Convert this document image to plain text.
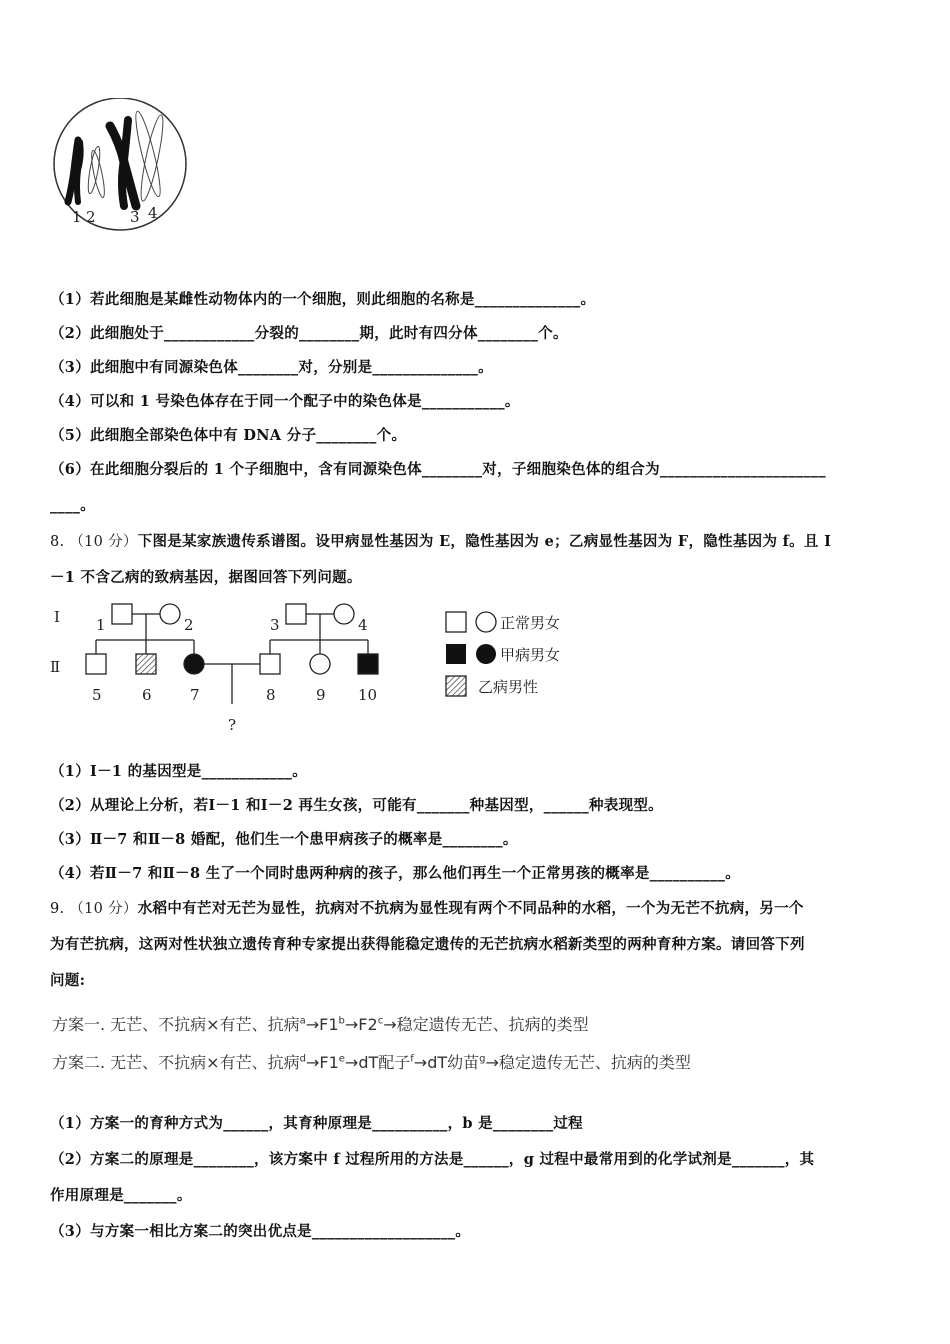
1 2 3 4
（1）若此细胞是某雌性动物体内的一个细胞，则此细胞的名称是______________。
（2）此细胞处于____________分裂的________期，此时有四分体________个。
（3）此细胞中有同源染色体________对，分别是______________。
（4）可以和 1 号染色体存在于同一个配子中的染色体是___________。
（5）此细胞全部染色体中有 DNA 分子________个。
（6）在此细胞分裂后的 1 个子细胞中，含有同源染色体________对，子细胞染色体的组合为______________________
____。
8. （10 分）下图是某家族遗传系谱图。设甲病显性基因为 E，隐性基因为 e；乙病显性基因为 F，隐性基因为 f。且 Ⅰ
－1 不含乙病的致病基因，据图回答下列问题。
Ⅰ
Ⅱ
1	2	3	4
5	6	7	8	9 10
?
正常男女
甲病男女
乙病男性
（1）Ⅰ－1 的基因型是____________。
（2）从理论上分析，若Ⅰ－1 和Ⅰ－2 再生女孩，可能有_______种基因型，______种表现型。
（3）Ⅱ－7 和Ⅱ－8 婚配，他们生一个患甲病孩子的概率是________。
（4）若Ⅱ－7 和Ⅱ－8 生了一个同时患两种病的孩子，那么他们再生一个正常男孩的概率是__________。
9. （10 分）水稻中有芒对无芒为显性，抗病对不抗病为显性现有两个不同品种的水稻，一个为无芒不抗病，另一个
为有芒抗病，这两对性状独立遗传育种专家提出获得能稳定遗传的无芒抗病水稻新类型的两种育种方案。请回答下列
问题:
方案一. 无芒、不抗病×有芒、抗病$^a\to F1^b\to F2^c\to$稳定遗传无芒、抗病的类型
方案二. 无芒、不抗病×有芒、抗病$^d\to F1^e\to dT$配子$^f$→dT幼苗$^g$→稳定遗传无芒、抗病的类型
（1）方案一的育种方式为______，其育种原理是__________，b 是________过程
（2）方案二的原理是________，该方案中 f 过程所用的方法是______，g 过程中最常用到的化学试剂是_______，其
作用原理是_______。
（3）与方案一相比方案二的突出优点是___________________。
